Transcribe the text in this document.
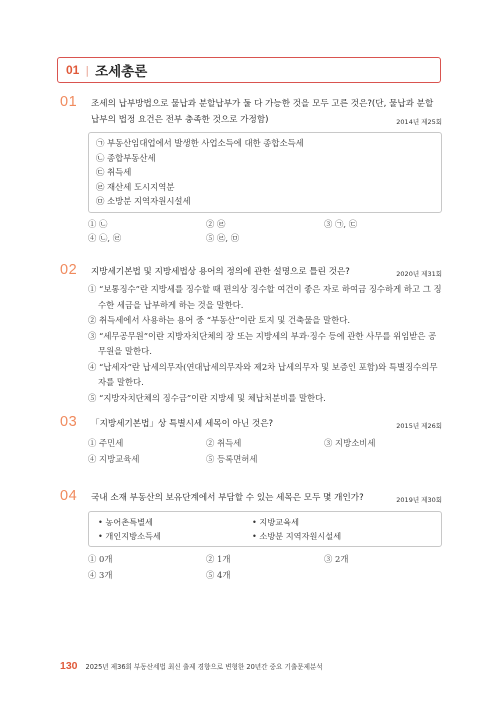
01 | 조세총론
01 조세의 납부방법으로 물납과 분할납부가 둘 다 가능한 것을 모두 고른 것은?(단, 물납과 분할
납부의 법정 요건은 전부 충족한 것으로 가정함)	2014년 제25회
㉠ 부동산임대업에서 발생한 사업소득에 대한 종합소득세
㉡ 종합부동산세
㉢ 취득세
㉣ 재산세 도시지역분
㉤ 소방분 지역자원시설세
① ㉡	② ㉣	③ ㉠, ㉢
④ ㉡, ㉣	⑤ ㉣, ㉤
02 지방세기본법 및 지방세법상 용어의 정의에 관한 설명으로 틀린 것은?	2020년 제31회
① “보통징수”란 지방세를 징수할 때 편의상 징수할 여건이 좋은 자로 하여금 징수하게 하고 그 징수한 세금을 납부하게 하는 것을 말한다.
② 취득세에서 사용하는 용어 중 “부동산”이란 토지 및 건축물을 말한다.
③ “세무공무원”이란 지방자치단체의 장 또는 지방세의 부과·징수 등에 관한 사무를 위임받은 공무원을 말한다.
④ “납세자”란 납세의무자(연대납세의무자와 제2차 납세의무자 및 보증인 포함)와 특별징수의무자를 말한다.
⑤ “지방자치단체의 징수금”이란 지방세 및 체납처분비를 말한다.
03 「지방세기본법」상 특별시세 세목이 아닌 것은?	2015년 제26회
① 주민세	② 취득세	③ 지방소비세
④ 지방교육세	⑤ 등록면허세
04 국내 소재 부동산의 보유단계에서 부담할 수 있는 세목은 모두 몇 개인가?	2019년 제30회
• 농어촌특별세	• 지방교육세
• 개인지방소득세	• 소방분 지역자원시설세
① 0개	② 1개	③ 2개
④ 3개	⑤ 4개
130 2025년 제36회 부동산세법 최신 출제 경향으로 변형한 20년간 중요 기출문제분석
